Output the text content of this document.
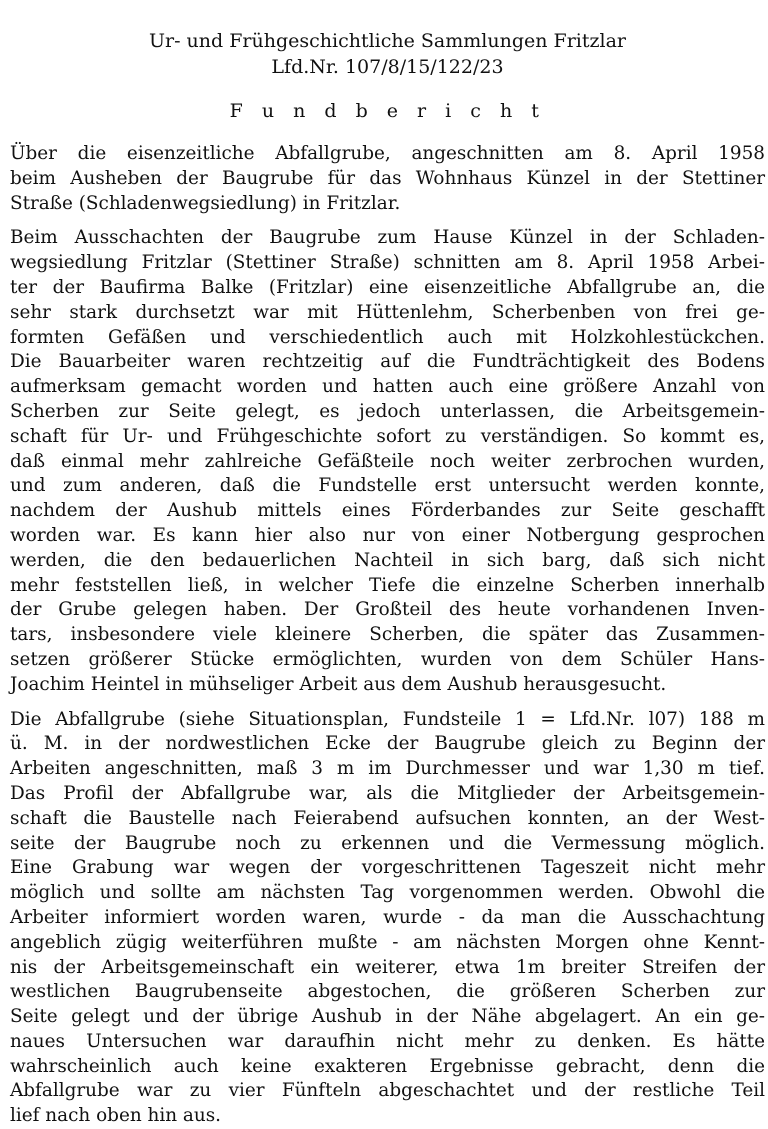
Ur- und Frühgeschichtliche Sammlungen Fritzlar

Lfd.Nr. 107/8/15/122/23

F u n d b e r i c h t
Über die eisenzeitliche Abfallgrube, angeschnitten am 8. April 1958
beim Ausheben der Baugrube für das Wohnhaus Künzel in der Stettiner
Straße (Schladenwegsiedlung) in Fritzlar.
Beim Ausschachten der Baugrube zum Hause Künzel in der Schladen-
wegsiedlung Fritzlar (Stettiner Straße) schnitten am 8. April 1958 Arbei-
ter der Baufirma Balke (Fritzlar) eine eisenzeitliche Abfallgrube an, die
sehr stark durchsetzt war mit Hüttenlehm, Scherbenben von frei ge-
formten Gefäßen und verschiedentlich auch mit Holzkohlestückchen.
Die Bauarbeiter waren rechtzeitig auf die Fundträchtigkeit des Bodens
aufmerksam gemacht worden und hatten auch eine größere Anzahl von
Scherben zur Seite gelegt, es jedoch unterlassen, die Arbeitsgemein-
schaft für Ur- und Frühgeschichte sofort zu verständigen. So kommt es,
daß einmal mehr zahlreiche Gefäßteile noch weiter zerbrochen wurden,
und zum anderen, daß die Fundstelle erst untersucht werden konnte,
nachdem der Aushub mittels eines Förderbandes zur Seite geschafft
worden war. Es kann hier also nur von einer Notbergung gesprochen
werden, die den bedauerlichen Nachteil in sich barg, daß sich nicht
mehr feststellen ließ, in welcher Tiefe die einzelne Scherben innerhalb
der Grube gelegen haben. Der Großteil des heute vorhandenen Inven-
tars, insbesondere viele kleinere Scherben, die später das Zusammen-
setzen größerer Stücke ermöglichten, wurden von dem Schüler Hans-
Joachim Heintel in mühseliger Arbeit aus dem Aushub herausgesucht.
Die Abfallgrube (siehe Situationsplan, Fundsteile 1 = Lfd.Nr. l07) 188 m
ü. M. in der nordwestlichen Ecke der Baugrube gleich zu Beginn der
Arbeiten angeschnitten, maß 3 m im Durchmesser und war 1,30 m tief.
Das Profil der Abfallgrube war, als die Mitglieder der Arbeitsgemein-
schaft die Baustelle nach Feierabend aufsuchen konnten, an der West-
seite der Baugrube noch zu erkennen und die Vermessung möglich.
Eine Grabung war wegen der vorgeschrittenen Tageszeit nicht mehr
möglich und sollte am nächsten Tag vorgenommen werden. Obwohl die
Arbeiter informiert worden waren, wurde - da man die Ausschachtung
angeblich zügig weiterführen mußte - am nächsten Morgen ohne Kennt-
nis der Arbeitsgemeinschaft ein weiterer, etwa 1m breiter Streifen der
westlichen Baugrubenseite abgestochen, die größeren Scherben zur
Seite gelegt und der übrige Aushub in der Nähe abgelagert. An ein ge-
naues Untersuchen war daraufhin nicht mehr zu denken. Es hätte
wahrscheinlich auch keine exakteren Ergebnisse gebracht, denn die
Abfallgrube war zu vier Fünfteln abgeschachtet und der restliche Teil
lief nach oben hin aus.
